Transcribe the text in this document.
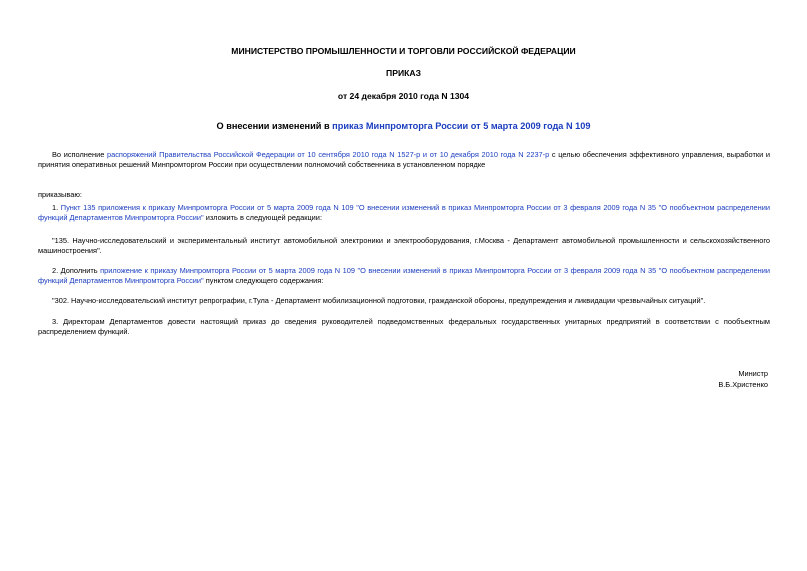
МИНИСТЕРСТВО ПРОМЫШЛЕННОСТИ И ТОРГОВЛИ РОССИЙСКОЙ ФЕДЕРАЦИИ
ПРИКАЗ
от 24 декабря 2010 года N 1304
О внесении изменений в приказ Минпромторга России от 5 марта 2009 года N 109
Во исполнение распоряжений Правительства Российской Федерации от 10 сентября 2010 года N 1527-р и от 10 декабря 2010 года N 2237-р с целью обеспечения эффективного управления, выработки и принятия оперативных решений Минпромторгом России при осуществлении полномочий собственника в установленном порядке
приказываю:
1. Пункт 135 приложения к приказу Минпромторга России от 5 марта 2009 года N 109 "О внесении изменений в приказ Минпромторга России от 3 февраля 2009 года N 35 "О пообъектном распределении функций Департаментов Минпромторга России" изложить в следующей редакции:
"135. Научно-исследовательский и экспериментальный институт автомобильной электроники и электрооборудования, г.Москва - Департамент автомобильной промышленности и сельскохозяйственного машиностроения".
2. Дополнить приложение к приказу Минпромторга России от 5 марта 2009 года N 109 "О внесении изменений в приказ Минпромторга России от 3 февраля 2009 года N 35 "О пообъектном распределении функций Департаментов Минпромторга России" пунктом следующего содержания:
"302. Научно-исследовательский институт репрографии, г.Тула - Департамент мобилизационной подготовки, гражданской обороны, предупреждения и ликвидации чрезвычайных ситуаций".
3. Директорам Департаментов довести настоящий приказ до сведения руководителей подведомственных федеральных государственных унитарных предприятий в соответствии с пообъектным распределением функций.
Министр
В.Б.Христенко
